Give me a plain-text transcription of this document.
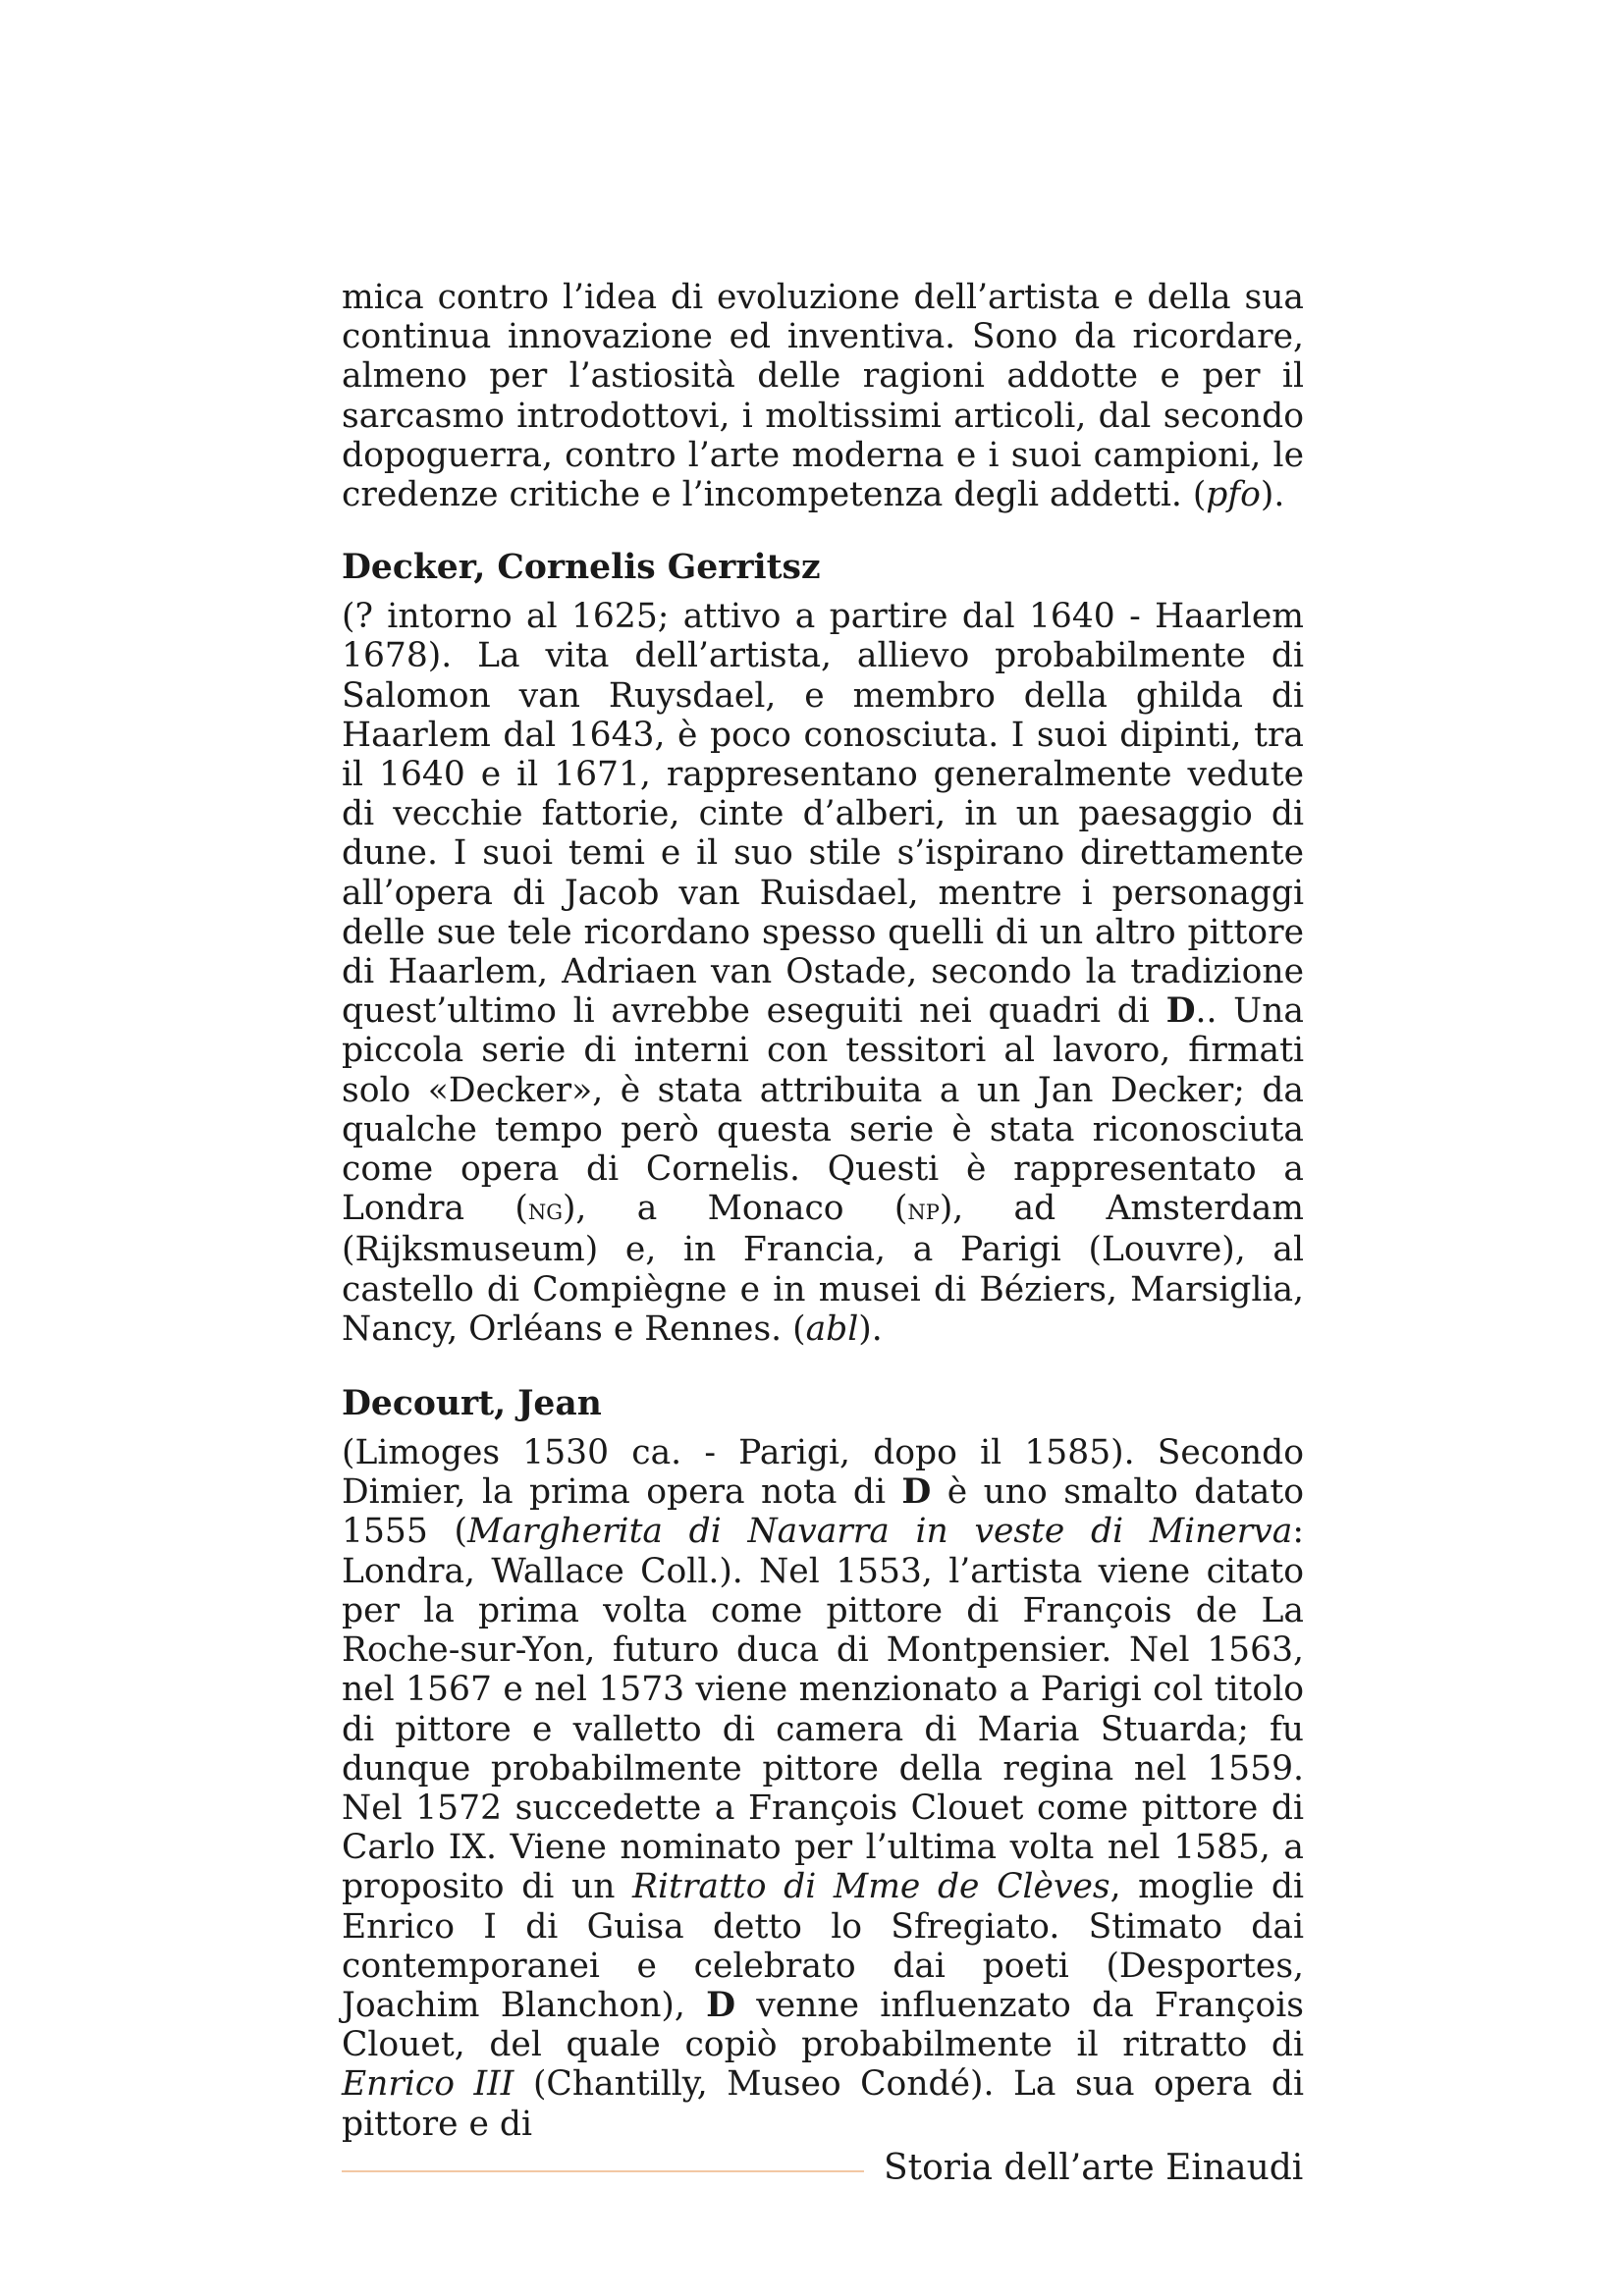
mica contro l’idea di evoluzione dell’artista e della sua continua innovazione ed inventiva. Sono da ricordare, almeno per l’astiosità delle ragioni addotte e per il sarcasmo introdottovi, i moltissimi articoli, dal secondo dopoguerra, contro l’arte moderna e i suoi campioni, le credenze critiche e l’incompetenza degli addetti. (pfo).

Decker, Cornelis Gerritsz

(? intorno al 1625; attivo a partire dal 1640 - Haarlem 1678). La vita dell’artista, allievo probabilmente di Salomon van Ruysdael, e membro della ghilda di Haarlem dal 1643, è poco conosciuta. I suoi dipinti, tra il 1640 e il 1671, rappresentano generalmente vedute di vecchie fattorie, cinte d’alberi, in un paesaggio di dune. I suoi temi e il suo stile s’ispirano direttamente all’opera di Jacob van Ruisdael, mentre i personaggi delle sue tele ricordano spesso quelli di un altro pittore di Haarlem, Adriaen van Ostade, secondo la tradizione quest’ultimo li avrebbe eseguiti nei quadri di D.. Una piccola serie di interni con tessitori al lavoro, firmati solo «Decker», è stata attribuita a un Jan Decker; da qualche tempo però questa serie è stata riconosciuta come opera di Cornelis. Questi è rappresentato a Londra (ng), a Monaco (np), ad Amsterdam (Rijksmuseum) e, in Francia, a Parigi (Louvre), al castello di Compiègne e in musei di Béziers, Marsiglia, Nancy, Orléans e Rennes. (abl).

Decourt, Jean

(Limoges 1530 ca. - Parigi, dopo il 1585). Secondo Dimier, la prima opera nota di D è uno smalto datato 1555 (Margherita di Navarra in veste di Minerva: Londra, Wallace Coll.). Nel 1553, l’artista viene citato per la prima volta come pittore di François de La Roche-sur-Yon, futuro duca di Montpensier. Nel 1563, nel 1567 e nel 1573 viene menzionato a Parigi col titolo di pittore e valletto di camera di Maria Stuarda; fu dunque probabilmente pittore della regina nel 1559. Nel 1572 succedette a François Clouet come pittore di Carlo IX. Viene nominato per l’ultima volta nel 1585, a proposito di un Ritratto di Mme de Clèves, moglie di Enrico I di Guisa detto lo Sfregiato. Stimato dai contemporanei e celebrato dai poeti (Desportes, Joachim Blanchon), D venne influenzato da François Clouet, del quale copiò probabilmente il ritratto di Enrico III (Chantilly, Museo Condé). La sua opera di pittore e di

Storia dell’arte Einaudi
